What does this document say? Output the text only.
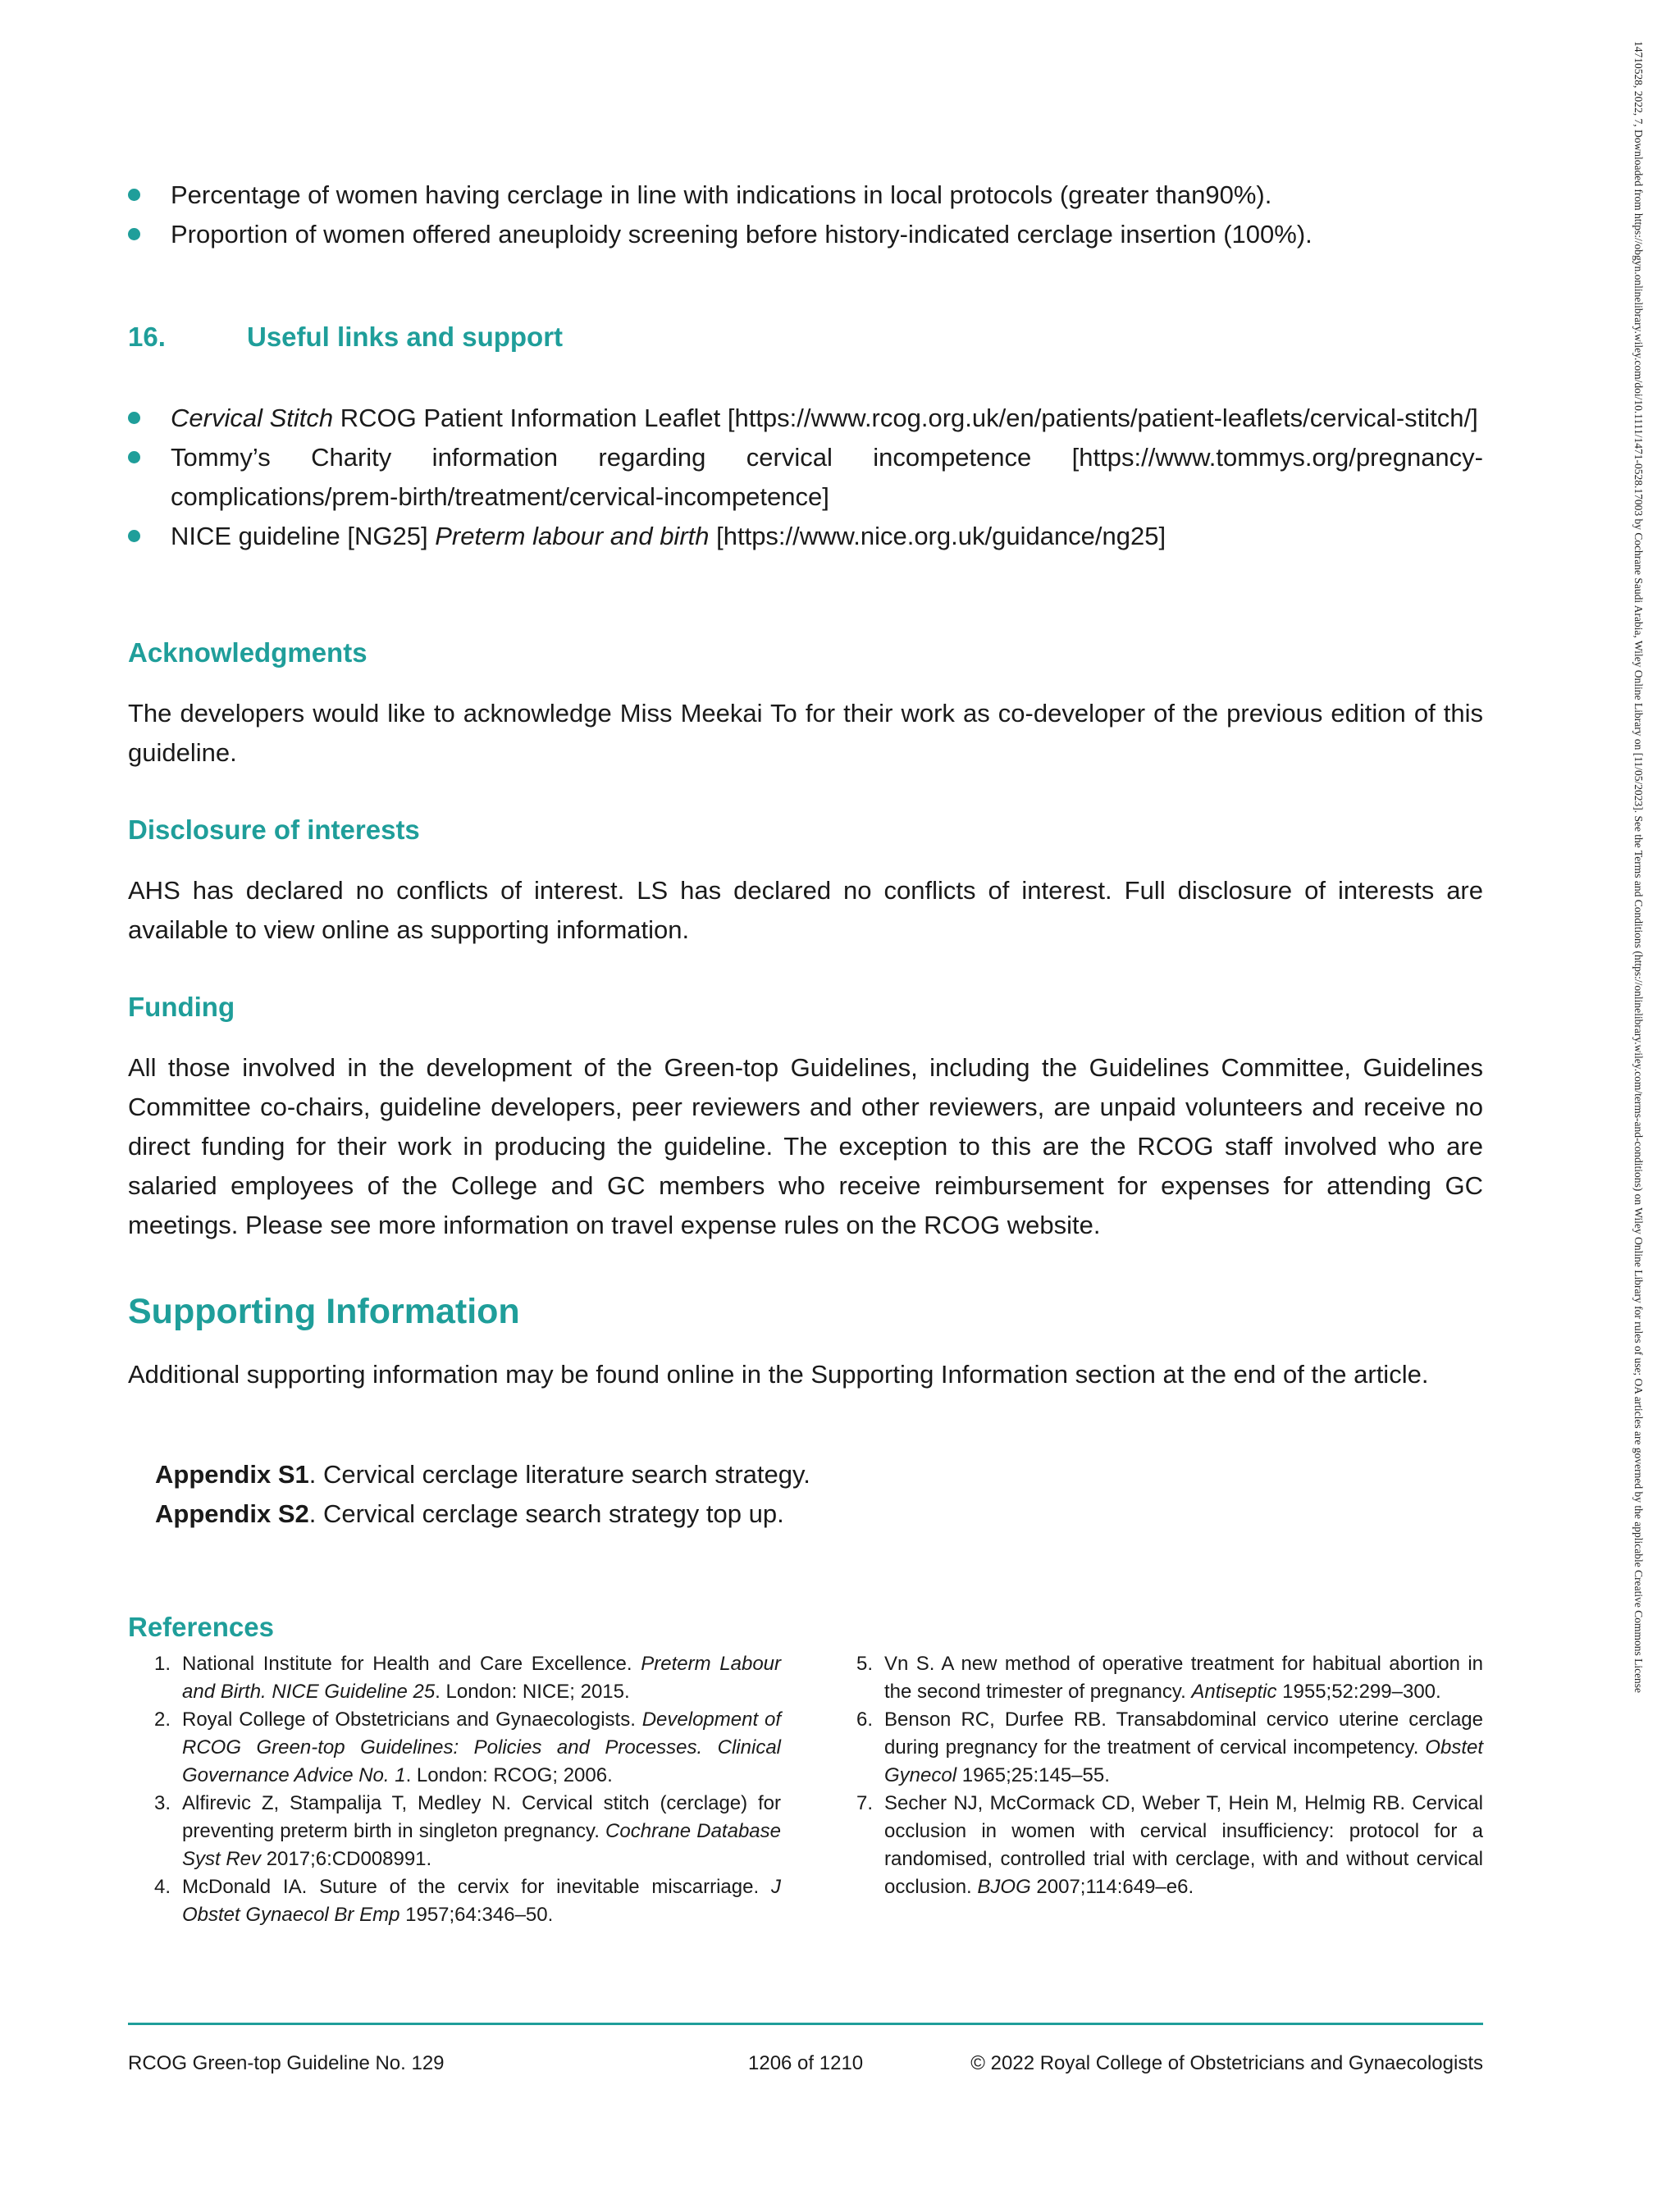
14710528, 2022, 7, Downloaded from https://obgyn.onlinelibrary.wiley.com/doi/10.1111/1471-0528.17003 by Cochrane Saudi Arabia, Wiley Online Library on [11/05/2023]. See the Terms and Conditions (https://onlinelibrary.wiley.com/terms-and-conditions) on Wiley Online Library for rules of use; OA articles are governed by the applicable Creative Commons License
Percentage of women having cerclage in line with indications in local protocols (greater than90%).
Proportion of women offered aneuploidy screening before history-indicated cerclage insertion (100%).
16.	Useful links and support
Cervical Stitch RCOG Patient Information Leaflet [https://www.rcog.org.uk/en/patients/patient-leaflets/cervical-stitch/]
Tommy’s Charity information regarding cervical incompetence [https://www.tommys.org/pregnancy-complications/prem-birth/treatment/cervical-incompetence]
NICE guideline [NG25] Preterm labour and birth [https://www.nice.org.uk/guidance/ng25]
Acknowledgments

The developers would like to acknowledge Miss Meekai To for their work as co-developer of the previous edition of this guideline.

Disclosure of interests

AHS has declared no conflicts of interest. LS has declared no conflicts of interest. Full disclosure of interests are available to view online as supporting information.

Funding

All those involved in the development of the Green-top Guidelines, including the Guidelines Committee, Guidelines Committee co-chairs, guideline developers, peer reviewers and other reviewers, are unpaid volunteers and receive no direct funding for their work in producing the guideline. The exception to this are the RCOG staff involved who are salaried employees of the College and GC members who receive reimbursement for expenses for attending GC meetings. Please see more information on travel expense rules on the RCOG website.

Supporting Information

Additional supporting information may be found online in the Supporting Information section at the end of the article.

Appendix S1. Cervical cerclage literature search strategy.
Appendix S2. Cervical cerclage search strategy top up.
References
1. National Institute for Health and Care Excellence. Preterm Labour and Birth. NICE Guideline 25. London: NICE; 2015.
2. Royal College of Obstetricians and Gynaecologists. Development of RCOG Green-top Guidelines: Policies and Processes. Clinical Governance Advice No. 1. London: RCOG; 2006.
3. Alfirevic Z, Stampalija T, Medley N. Cervical stitch (cerclage) for preventing preterm birth in singleton pregnancy. Cochrane Database Syst Rev 2017;6:CD008991.
4. McDonald IA. Suture of the cervix for inevitable miscarriage. J Obstet Gynaecol Br Emp 1957;64:346–50.
5. Vn S. A new method of operative treatment for habitual abortion in the second trimester of pregnancy. Antiseptic 1955;52:299–300.
6. Benson RC, Durfee RB. Transabdominal cervico uterine cerclage during pregnancy for the treatment of cervical incompetency. Obstet Gynecol 1965;25:145–55.
7. Secher NJ, McCormack CD, Weber T, Hein M, Helmig RB. Cervical occlusion in women with cervical insufficiency: protocol for a randomised, controlled trial with cerclage, with and without cervical occlusion. BJOG 2007;114:649–e6.
RCOG Green-top Guideline No. 129	1206 of 1210	© 2022 Royal College of Obstetricians and Gynaecologists
